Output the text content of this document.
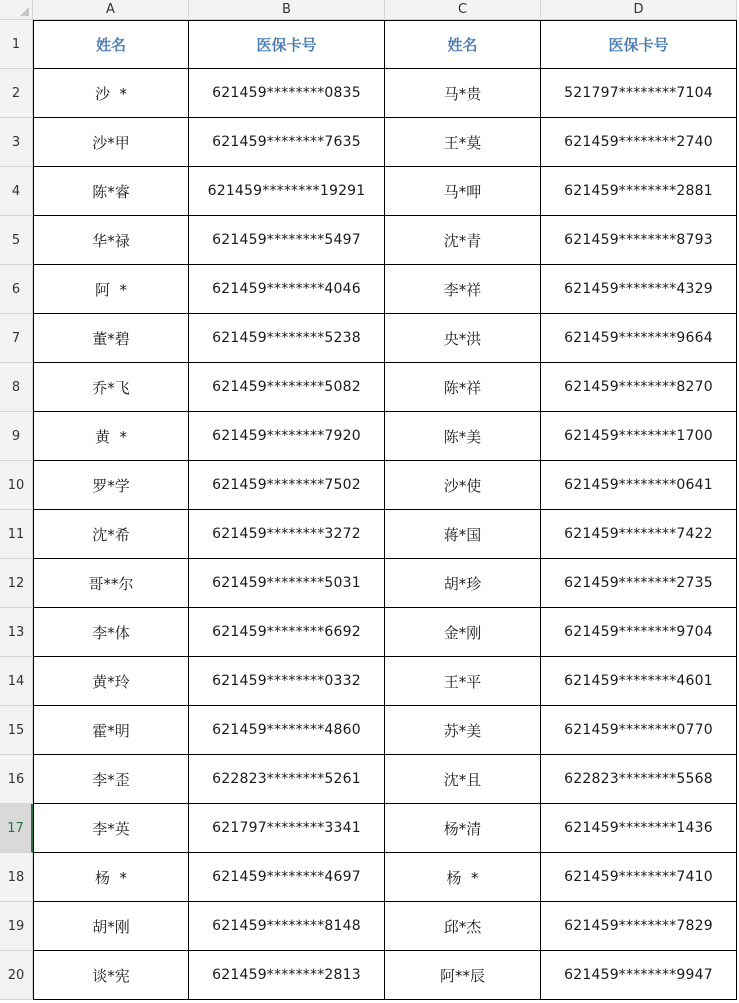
A	B	C	D
1
2
3
4
5
6
7
8
9
10
11
12
13
14
15
16
17
18
19
20
姓名	医保卡号	姓名	医保卡号
沙  *	621459********0835	马*贵	521797********7104
沙*甲	621459********7635	王*莫	621459********2740
陈*睿	621459********19291	马*呷	621459********2881
华*禄	621459********5497	沈*青	621459********8793
阿  *	621459********4046	李*祥	621459********4329
董*碧	621459********5238	央*洪	621459********9664
乔*飞	621459********5082	陈*祥	621459********8270
黄  *	621459********7920	陈*美	621459********1700
罗*学	621459********7502	沙*使	621459********0641
沈*希	621459********3272	蒋*国	621459********7422
哥**尔	621459********5031	胡*珍	621459********2735
李*体	621459********6692	金*刚	621459********9704
黄*玲	621459********0332	王*平	621459********4601
霍*明	621459********4860	苏*美	621459********0770
李*歪	622823********5261	沈*且	622823********5568
李*英	621797********3341	杨*清	621459********1436
杨  *	621459********4697	杨  *	621459********7410
胡*刚	621459********8148	邱*杰	621459********7829
谈*宪	621459********2813	阿**辰	621459********9947
